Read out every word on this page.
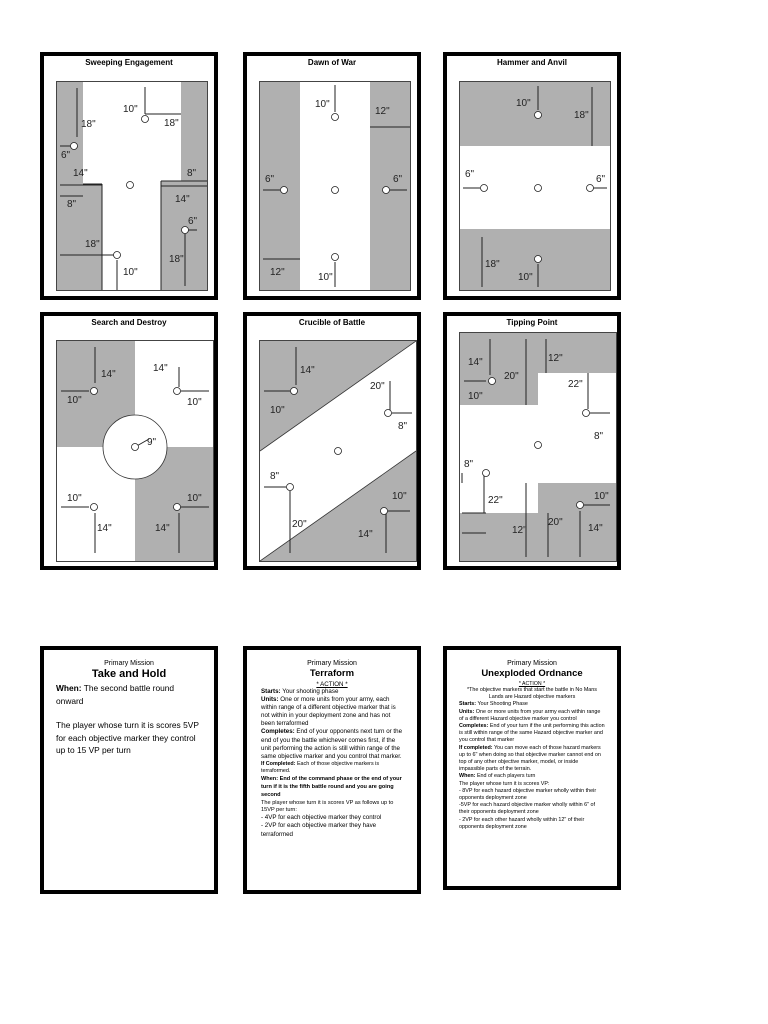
Sweeping Engagement
10"
18"	18"
6"
14"	8"
8"	14"
6"
18"
18"
10"
Dawn of War
10"
12"
6"	6"
12"	10"
Hammer and Anvil
10"
18"
6"	6"
18"
10"
Search and Destroy
14"
14"
10"	10"
9"
10"	10"
14"	14"
Crucible of Battle
14"
10"
20"
8"
8"
10"
20"
14"
Tipping Point
14"	12"
20"
10"
22"
8"
8"
22"	10"
12"
20"
14"
Primary Mission
Take and Hold

When: The second battle round onward

The player whose turn it is scores 5VP for each objective marker they control up to 15 VP per turn

Primary Mission
Terraform
* ACTION *

Starts: Your shooting phase

Units: One or more units from your army, each within range of a different objective marker that is not within in your deployment zone and has not been terraformed

Completes: End of your opponents next turn or the end of you the battle whichever comes first, if the unit performing the action is still within range of the same objective marker and you control that marker.

If Completed: Each of those objective markers is terraformed.

When: End of the command phase or the end of your turn if it is the fifth battle round and you are going second

The player whose turn it is scores VP as follows up to 15VP per turn:

- 4VP for each objective marker they control

- 2VP for each objective marker they have terraformed

Primary Mission
Unexploded Ordnance
* ACTION *

*The objective markers that start the battle in No Mans Lands are Hazard objective markers

Starts: Your Shooting Phase

Units: One or more units from your army each within range of a different Hazard objective marker you control

Completes: End of your turn if the unit performing this action is still within range of the same Hazard objective marker and you control that marker

If completed: You can move each of those hazard markers up to 6" when doing so that objective marker cannot end on top of any other objective marker, model, or inside impassible parts of the terrain.

When: End of each players turn

The player whose turn it is scores VP:

- 8VP for each hazard objective marker wholly within their opponents deployment zone

-5VP for each hazard objective marker wholly within 6" of their opponents deployment zone

- 2VP for each other hazard wholly within 12" of their opponents deployment zone
